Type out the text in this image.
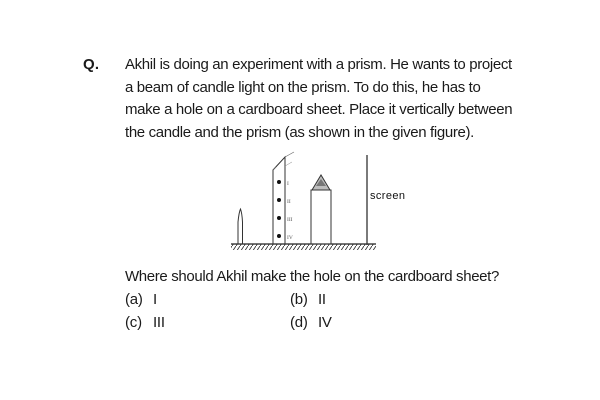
Q. Akhil is doing an experiment with a prism. He wants to project
a beam of candle light on the prism. To do this, he has to
make a hole on a cardboard sheet. Place it vertically between
the candle and the prism (as shown in the given figure).
I
II
III
IV
screen

Where should Akhil make the hole on the cardboard sheet?

(a) I	(b) II
(c) III	(d) IV
